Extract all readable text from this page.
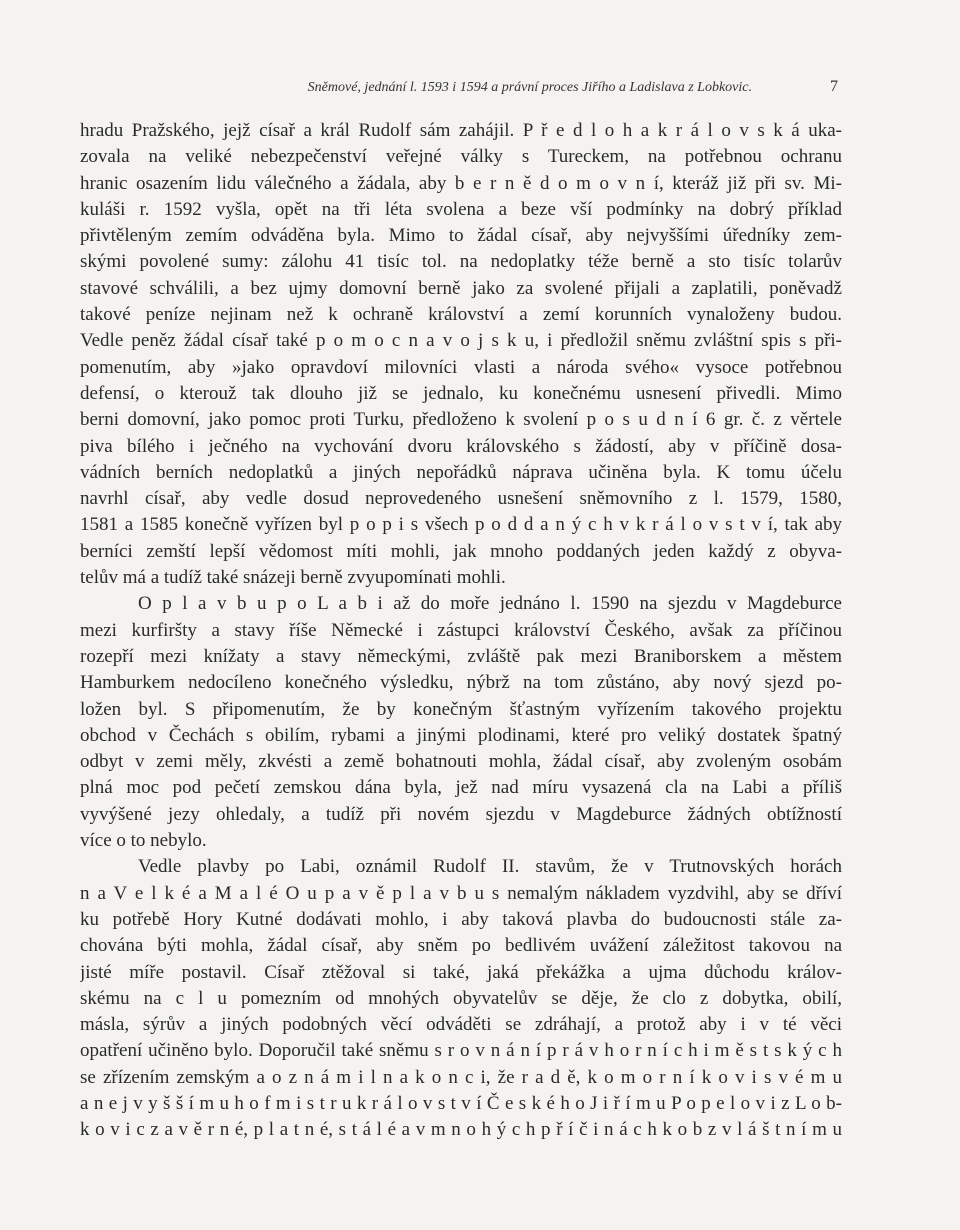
Sněmové, jednání l. 1593 i 1594 a právní proces Jiřího a Ladislava z Lobkovic.	7
hradu Pražského, jejž císař a král Rudolf sám zahájil. P ř e d l o h a k r á l o v s k á uka-
zovala na veliké nebezpečenství veřejné války s Tureckem, na potřebnou ochranu
hranic osazením lidu válečného a žádala, aby b e r n ě d o m o v n í, kteráž již při sv. Mi-
kuláši r. 1592 vyšla, opět na tři léta svolena a beze vší podmínky na dobrý příklad
přivtěleným zemím odváděna byla. Mimo to žádal císař, aby nejvyššími úředníky zem-
skými povolené sumy: zálohu 41 tisíc tol. na nedoplatky téže berně a sto tisíc tolarův
stavové schválili, a bez ujmy domovní berně jako za svolené přijali a zaplatili, poněvadž
takové peníze nejinam než k ochraně království a zemí korunních vynaloženy budou.
Vedle peněz žádal císař také p o m o c n a v o j s k u, i předložil sněmu zvláštní spis s při-
pomenutím, aby »jako opravdoví milovníci vlasti a národa svého« vysoce potřebnou
defensí, o kterouž tak dlouho již se jednalo, ku konečnému usnesení přivedli. Mimo
berni domovní, jako pomoc proti Turku, předloženo k svolení p o s u d n í 6 gr. č. z věrtele
piva bílého i ječného na vychování dvoru královského s žádostí, aby v příčině dosa-
vádních berních nedoplatků a jiných nepořádků náprava učiněna byla. K tomu účelu
navrhl císař, aby vedle dosud neprovedeného usnešení sněmovního z l. 1579, 1580,
1581 a 1585 konečně vyřízen byl p o p i s všech p o d d a n ý c h v k r á l o v s t v í, tak aby
berníci zemští lepší vědomost míti mohli, jak mnoho poddaných jeden každý z obyva-
telův má a tudíž také snázeji berně zvyupomínati mohli.
O p l a v b u p o L a b i až do moře jednáno l. 1590 na sjezdu v Magdeburce
mezi kurfiršty a stavy říše Německé i zástupci království Českého, avšak za příčinou
rozepří mezi knížaty a stavy německými, zvláště pak mezi Braniborskem a městem
Hamburkem nedocíleno konečného výsledku, nýbrž na tom zůstáno, aby nový sjezd po-
ložen byl. S připomenutím, že by konečným šťastným vyřízením takového projektu
obchod v Čechách s obilím, rybami a jinými plodinami, které pro veliký dostatek špatný
odbyt v zemi měly, zkvésti a země bohatnouti mohla, žádal císař, aby zvoleným osobám
plná moc pod pečetí zemskou dána byla, jež nad míru vysazená cla na Labi a příliš
vyvýšené jezy ohledaly, a tudíž při novém sjezdu v Magdeburce žádných obtížností
více o to nebylo.
Vedle plavby po Labi, oznámil Rudolf II. stavům, že v Trutnovských horách
n a V e l k é a M a l é O u p a v ě p l a v b u s nemalým nákladem vyzdvihl, aby se dříví
ku potřebě Hory Kutné dodávati mohlo, i aby taková plavba do budoucnosti stále za-
chována býti mohla, žádal císař, aby sněm po bedlivém uvážení záležitost takovou na
jisté míře postavil. Císař ztěžoval si také, jaká překážka a ujma důchodu králov-
skému na c l u pomezním od mnohých obyvatelův se děje, že clo z dobytka, obilí,
másla, sýrův a jiných podobných věcí odváděti se zdráhají, a protož aby i v té věci
opatření učiněno bylo. Doporučil také sněmu s r o v n á n í p r á v h o r n í c h i m ě s t s k ý c h
se zřízením zemským a o z n á m i l n a k o n c i, že r a d ě, k o m o r n í k o v i s v é m u
a n e j v y š š í m u h o f m i s t r u k r á l o v s t v í Č e s k é h o J i ř í m u P o p e l o v i z L o b-
k o v i c z a v ě r n é, p l a t n é, s t á l é a v m n o h ý c h p ř í č i n á c h k o b z v l á š t n í m u
